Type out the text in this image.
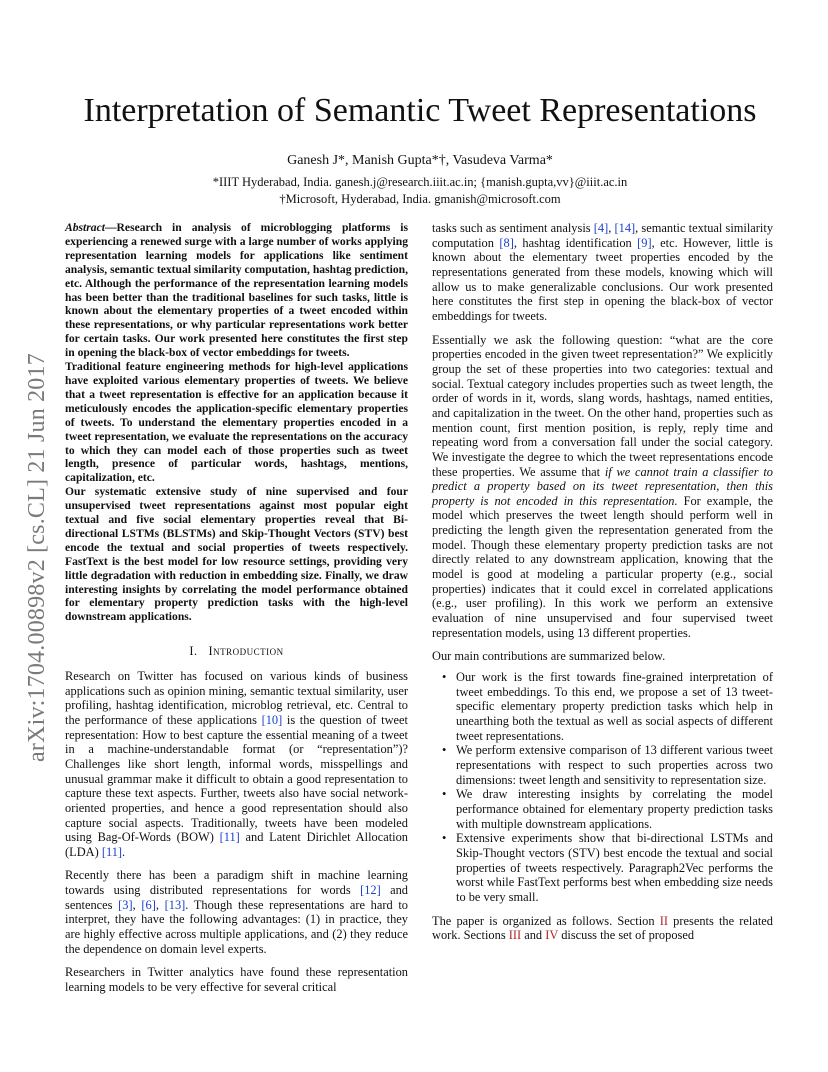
arXiv:1704.00898v2 [cs.CL] 21 Jun 2017
Interpretation of Semantic Tweet Representations
Ganesh J*, Manish Gupta*†, Vasudeva Varma*
*IIIT Hyderabad, India. ganesh.j@research.iiit.ac.in; {manish.gupta,vv}@iiit.ac.in
†Microsoft, Hyderabad, India. gmanish@microsoft.com

Abstract—Research in analysis of microblogging platforms is experiencing a renewed surge with a large number of works applying representation learning models for applications like sentiment analysis, semantic textual similarity computation, hashtag prediction, etc. Although the performance of the representation learning models has been better than the traditional baselines for such tasks, little is known about the elementary properties of a tweet encoded within these representations, or why particular representations work better for certain tasks. Our work presented here constitutes the first step in opening the black-box of vector embeddings for tweets.

Traditional feature engineering methods for high-level applications have exploited various elementary properties of tweets. We believe that a tweet representation is effective for an application because it meticulously encodes the application-specific elementary properties of tweets. To understand the elementary properties encoded in a tweet representation, we evaluate the representations on the accuracy to which they can model each of those properties such as tweet length, presence of particular words, hashtags, mentions, capitalization, etc.

Our systematic extensive study of nine supervised and four unsupervised tweet representations against most popular eight textual and five social elementary properties reveal that Bi-directional LSTMs (BLSTMs) and Skip-Thought Vectors (STV) best encode the textual and social properties of tweets respectively. FastText is the best model for low resource settings, providing very little degradation with reduction in embedding size. Finally, we draw interesting insights by correlating the model performance obtained for elementary property prediction tasks with the high-level downstream applications.

I. Introduction

Research on Twitter has focused on various kinds of business applications such as opinion mining, semantic textual similarity, user profiling, hashtag identification, microblog retrieval, etc. Central to the performance of these applications [10] is the question of tweet representation: How to best capture the essential meaning of a tweet in a machine-understandable format (or “representation”)? Challenges like short length, informal words, misspellings and unusual grammar make it difficult to obtain a good representation to capture these text aspects. Further, tweets also have social network-oriented properties, and hence a good representation should also capture social aspects. Traditionally, tweets have been modeled using Bag-Of-Words (BOW) [11] and Latent Dirichlet Allocation (LDA) [11].

Recently there has been a paradigm shift in machine learning towards using distributed representations for words [12] and sentences [3], [6], [13]. Though these representations are hard to interpret, they have the following advantages: (1) in practice, they are highly effective across multiple applications, and (2) they reduce the dependence on domain level experts.

Researchers in Twitter analytics have found these representation learning models to be very effective for several critical

tasks such as sentiment analysis [4], [14], semantic textual similarity computation [8], hashtag identification [9], etc. However, little is known about the elementary tweet properties encoded by the representations generated from these models, knowing which will allow us to make generalizable conclusions. Our work presented here constitutes the first step in opening the black-box of vector embeddings for tweets.

Essentially we ask the following question: “what are the core properties encoded in the given tweet representation?” We explicitly group the set of these properties into two categories: textual and social. Textual category includes properties such as tweet length, the order of words in it, words, slang words, hashtags, named entities, and capitalization in the tweet. On the other hand, properties such as mention count, first mention position, is reply, reply time and repeating word from a conversation fall under the social category. We investigate the degree to which the tweet representations encode these properties. We assume that if we cannot train a classifier to predict a property based on its tweet representation, then this property is not encoded in this representation. For example, the model which preserves the tweet length should perform well in predicting the length given the representation generated from the model. Though these elementary property prediction tasks are not directly related to any downstream application, knowing that the model is good at modeling a particular property (e.g., social properties) indicates that it could excel in correlated applications (e.g., user profiling). In this work we perform an extensive evaluation of nine unsupervised and four supervised tweet representation models, using 13 different properties.

Our main contributions are summarized below.

• Our work is the first towards fine-grained interpretation of tweet embeddings. To this end, we propose a set of 13 tweet-specific elementary property prediction tasks which help in unearthing both the textual as well as social aspects of different tweet representations.
• We perform extensive comparison of 13 different various tweet representations with respect to such properties across two dimensions: tweet length and sensitivity to representation size.
• We draw interesting insights by correlating the model performance obtained for elementary property prediction tasks with multiple downstream applications.
• Extensive experiments show that bi-directional LSTMs and Skip-Thought vectors (STV) best encode the textual and social properties of tweets respectively. Paragraph2Vec performs the worst while FastText performs best when embedding size needs to be very small.

The paper is organized as follows. Section II presents the related work. Sections III and IV discuss the set of proposed
